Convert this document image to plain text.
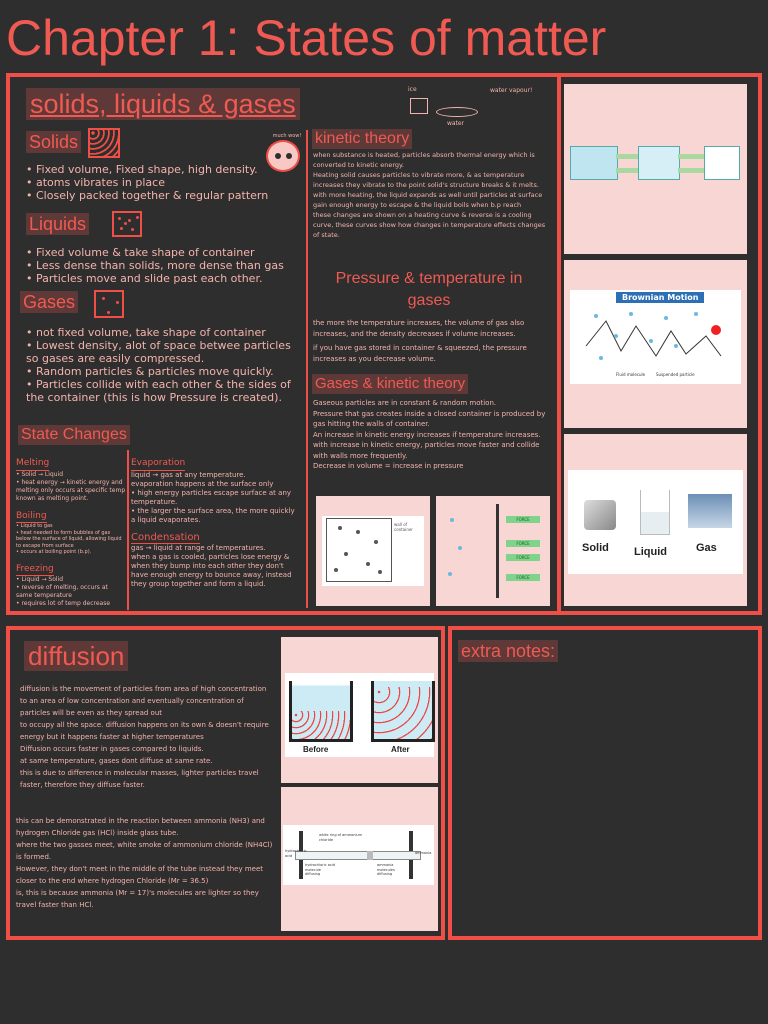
Chapter 1: States of matter
solids, liquids & gases	ice
water
water vapour!
much wow!
Solids
• Fixed volume, Fixed shape, high density.
• atoms vibrates in place
• Closely packed together & regular pattern
Liquids
• Fixed volume & take shape of container
• Less dense than solids, more dense than gas
• Particles move and slide past each other.
Gases
• not fixed volume, take shape of container
• Lowest density, alot of space betwee particles so gases are easily compressed.
• Random particles & particles move quickly.
• Particles collide with each other & the sides of the container (this is how Pressure is created).
State Changes
Melting
• Solid → Liquid
• heat energy → kinetic energy and melting only occurs at specific temp known as melting point.
Boiling
• Liquid to gas
• heat needed to form bubbles of gas below the surface of liquid, allowing liquid to escape from surface
• occurs at boiling point (b.p).
Freezing
• Liquid → Solid
• reverse of melting, occurs at same temperature
• requires lot of temp decrease
Evaporation
liquid → gas at any temperature.
evaporation happens at the surface only
• high energy particles escape surface at any temperature.
• the larger the surface area, the more quickly a liquid evaporates.
Condensation
gas → liquid at range of temperatures.
when a gas is cooled, particles lose energy & when they bump into each other they don't have enough energy to bounce away, instead they group together and form a liquid.
kinetic theory
when substance is heated, particles absorb thermal energy which is converted to kinetic energy.
Heating solid causes particles to vibrate more, & as temperature increases they vibrate to the point solid's structure breaks & it melts.
with more heating, the liquid expands as well until particles at surface gain enough energy to escape & the liquid boils when b.p reach
these changes are shown on a heating curve & reverse is a cooling curve, these curves show how changes in temperature effects changes of state.
Pressure & temperature in gases
the more the temperature increases, the volume of gas also increases, and the density decreases if volume increases.
if you have gas stored in container & squeezed, the pressure increases as you decrease volume.
Gases & kinetic theory
Gaseous particles are in constant & random motion.
Pressure that gas creates inside a closed container is produced by gas hitting the walls of container.
An increase in kinetic energy increases if temperature increases. with increase in kinetic energy, particles move faster and collide with walls more frequently.
Decrease in volume = increase in pressure
wall of container
FORCE
FORCE
FORCE
FORCE
Brownian Motion
Fluid molecule	Suspended particle
Solid Liquid	Gas
diffusion
diffusion is the movement of particles from area of high concentration to an area of low concentration and eventually concentration of particles will be even as they spread out
to occupy all the space. diffusion happens on its own & doesn't require energy but it happens faster at higher temperatures
Diffusion occurs faster in gases compared to liquids.
at same temperature, gases dont diffuse at same rate.
this is due to difference in molecular masses, lighter particles travel faster, therefore they diffuse faster.
this can be demonstrated in the reaction between ammonia (NH3) and hydrogen Chloride gas (HCl) inside glass tube.
where the two gasses meet, white smoke of ammonium chloride (NH4Cl) is formed.
However, they don't meet in the middle of the tube instead they meet closer to the end where hydrogen Chloride (Mr = 36.5)
is, this is because ammonia (Mr = 17)'s molecules are lighter so they travel faster than HCl.
Before	After
white ring of ammonium chloride
hydrochloric acid
ammonia
hydrochloric acid molecule diffusing
ammonia molecules diffusing
extra notes:
